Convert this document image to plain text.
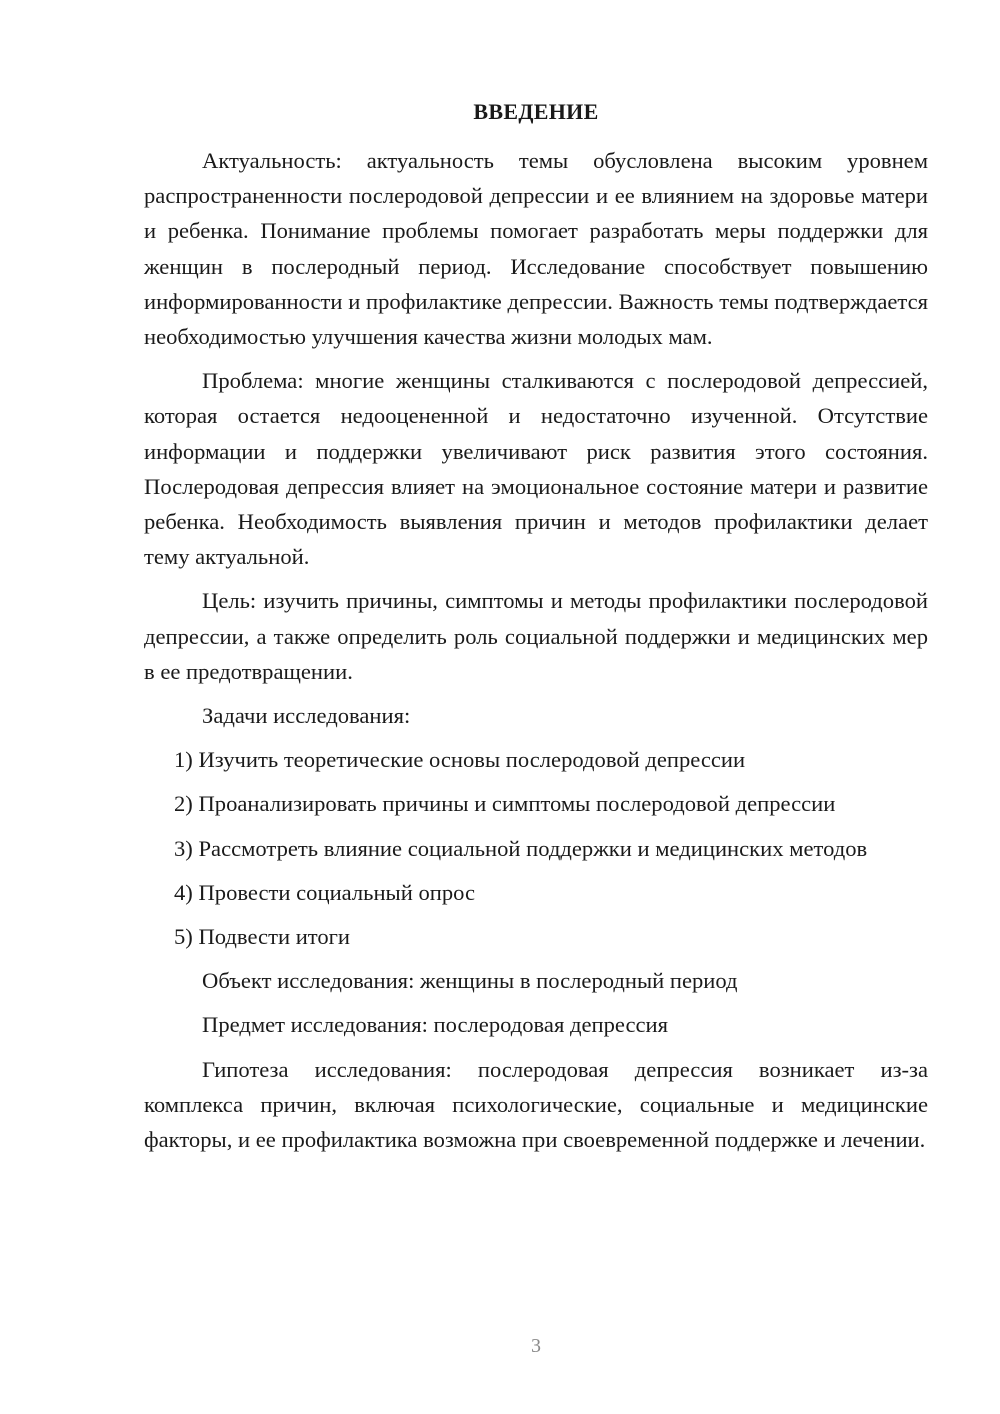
ВВЕДЕНИЕ

Актуальность: актуальность темы обусловлена высоким уровнем распространенности послеродовой депрессии и ее влиянием на здоровье матери и ребенка. Понимание проблемы помогает разработать меры поддержки для женщин в послеродный период. Исследование способствует повышению информированности и профилактике депрессии. Важность темы подтверждается необходимостью улучшения качества жизни молодых мам.

Проблема: многие женщины сталкиваются с послеродовой депрессией, которая остается недооцененной и недостаточно изученной. Отсутствие информации и поддержки увеличивают риск развития этого состояния. Послеродовая депрессия влияет на эмоциональное состояние матери и развитие ребенка. Необходимость выявления причин и методов профилактики делает тему актуальной.

Цель: изучить причины, симптомы и методы профилактики послеродовой депрессии, а также определить роль социальной поддержки и медицинских мер в ее предотвращении.

Задачи исследования:

1) Изучить теоретические основы послеродовой депрессии

2) Проанализировать причины и симптомы послеродовой депрессии

3) Рассмотреть влияние социальной поддержки и медицинских методов

4) Провести социальный опрос

5) Подвести итоги

Объект исследования: женщины в послеродный период

Предмет исследования: послеродовая депрессия

Гипотеза исследования: послеродовая депрессия возникает из-за комплекса причин, включая психологические, социальные и медицинские факторы, и ее профилактика возможна при своевременной поддержке и лечении.

3
